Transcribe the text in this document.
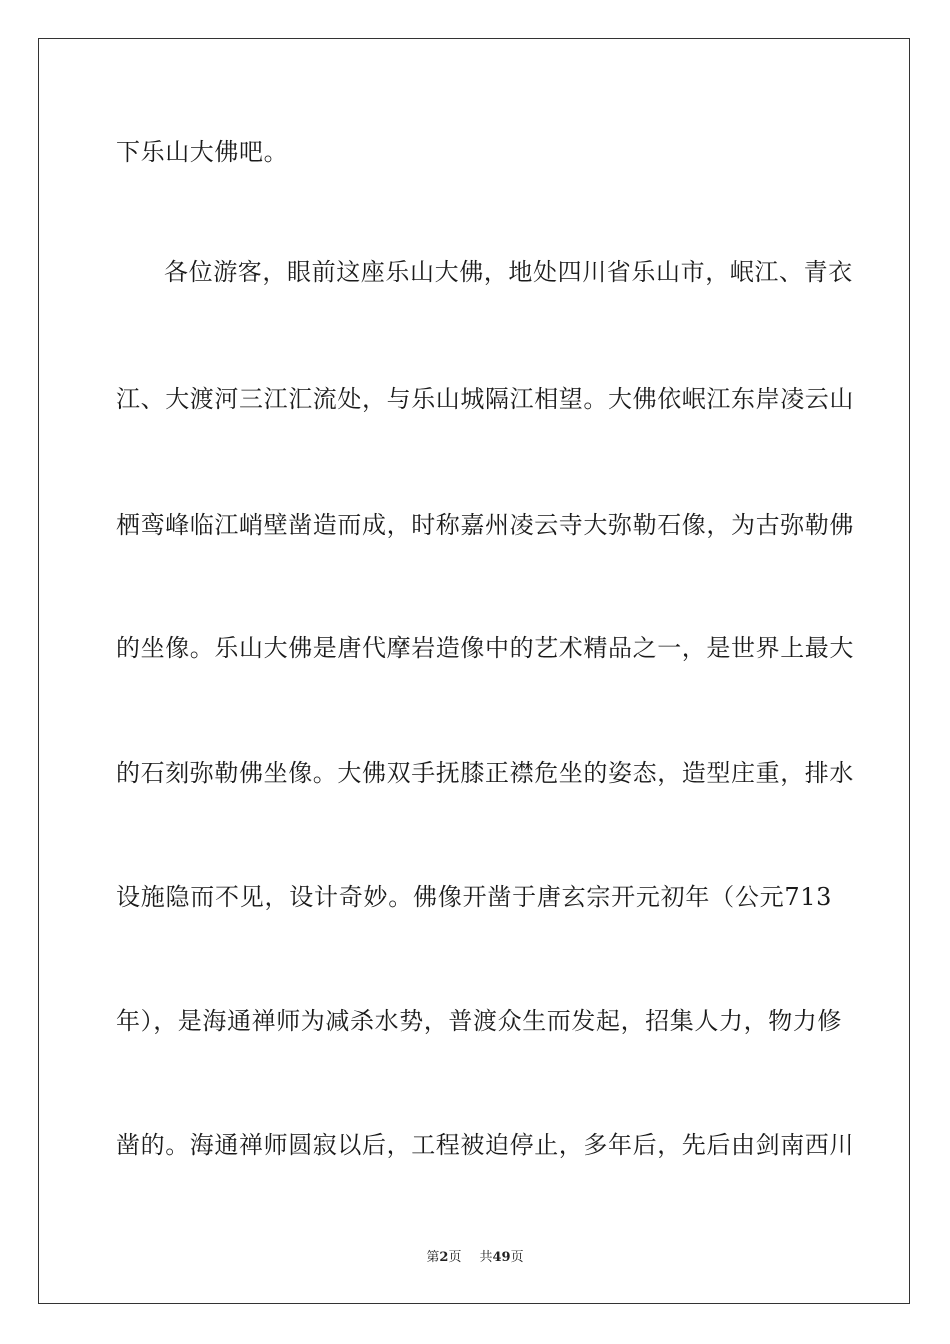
下乐山大佛吧。
各位游客，眼前这座乐山大佛，地处四川省乐山市，岷江、青衣
江、大渡河三江汇流处，与乐山城隔江相望。大佛依岷江东岸凌云山
栖鸾峰临江峭壁凿造而成，时称嘉州凌云寺大弥勒石像，为古弥勒佛
的坐像。乐山大佛是唐代摩岩造像中的艺术精品之一，是世界上最大
的石刻弥勒佛坐像。大佛双手抚膝正襟危坐的姿态，造型庄重，排水
设施隐而不见，设计奇妙。佛像开凿于唐玄宗开元初年（公元713
年），是海通禅师为减杀水势，普渡众生而发起，招集人力，物力修
凿的。海通禅师圆寂以后，工程被迫停止，多年后，先后由剑南西川
第2页 共49页
